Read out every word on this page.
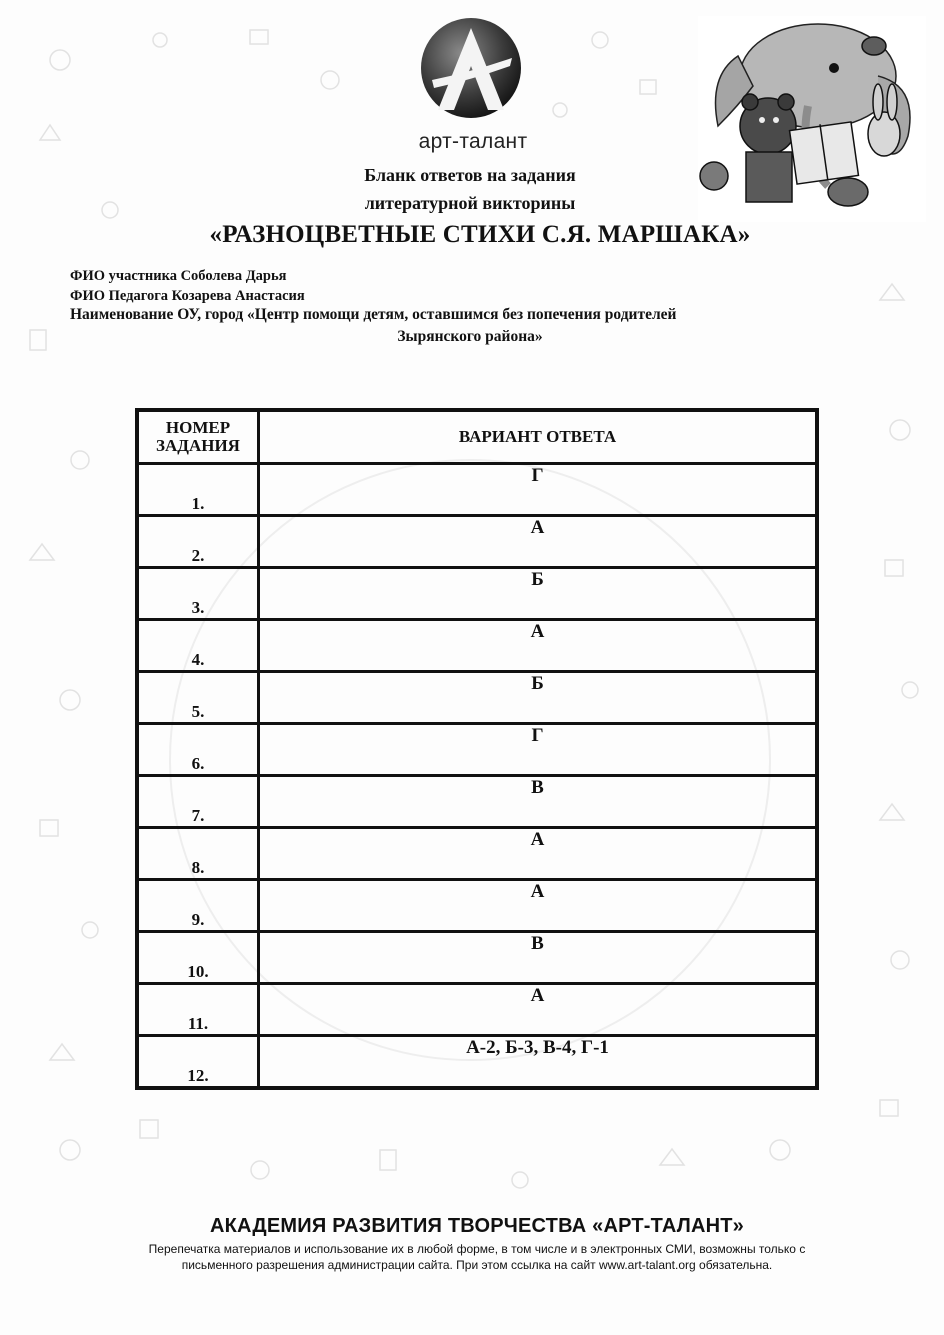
арт-талант
Бланк ответов на задания
литературной викторины
«РАЗНОЦВЕТНЫЕ СТИХИ С.Я. МАРШАКА»
ФИО участника Соболева Дарья
ФИО Педагога Козарева Анастасия
Наименование ОУ, город «Центр помощи детям, оставшимся без попечения родителей
Зырянского района»
НОМЕР ЗАДАНИЯ	ВАРИАНТ ОТВЕТА
1.	Г
2.	А
3.	Б
4.	А
5.	Б
6.	Г
7.	В
8.	А
9.	А
10.	В
11.	А
12.	А-2, Б-3, В-4, Г-1
АКАДЕМИЯ РАЗВИТИЯ ТВОРЧЕСТВА «АРТ-ТАЛАНТ»
Перепечатка материалов и использование их в любой форме, в том числе и в электронных СМИ, возможны только с
письменного разрешения администрации сайта. При этом ссылка на сайт www.art-talant.org обязательна.
